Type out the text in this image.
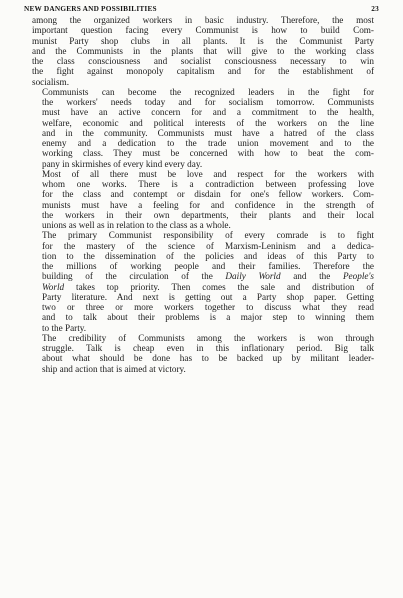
NEW DANGERS AND POSSIBILITIES	23

among the organized workers in basic industry. Therefore, the most
important question facing every Communist is how to build Com-
munist Party shop clubs in all plants. It is the Communist Party
and the Communists in the plants that will give to the working class
the class consciousness and socialist consciousness necessary to win
the fight against monopoly capitalism and for the establishment of
socialism.

Communists can become the recognized leaders in the fight for
the workers' needs today and for socialism tomorrow. Communists
must have an active concern for and a commitment to the health,
welfare, economic and political interests of the workers on the line
and in the community. Communists must have a hatred of the class
enemy and a dedication to the trade union movement and to the
working class. They must be concerned with how to beat the com-
pany in skirmishes of every kind every day.

Most of all there must be love and respect for the workers with
whom one works. There is a contradiction between professing love
for the class and contempt or disdain for one's fellow workers. Com-
munists must have a feeling for and confidence in the strength of
the workers in their own departments, their plants and their local
unions as well as in relation to the class as a whole.

The primary Communist responsibility of every comrade is to fight
for the mastery of the science of Marxism-Leninism and a dedica-
tion to the dissemination of the policies and ideas of this Party to
the millions of working people and their families. Therefore the
building of the circulation of the Daily World and the People's
World takes top priority. Then comes the sale and distribution of
Party literature. And next is getting out a Party shop paper. Getting
two or three or more workers together to discuss what they read
and to talk about their problems is a major step to winning them
to the Party.

The credibility of Communists among the workers is won through
struggle. Talk is cheap even in this inflationary period. Big talk
about what should be done has to be backed up by militant leader-
ship and action that is aimed at victory.
